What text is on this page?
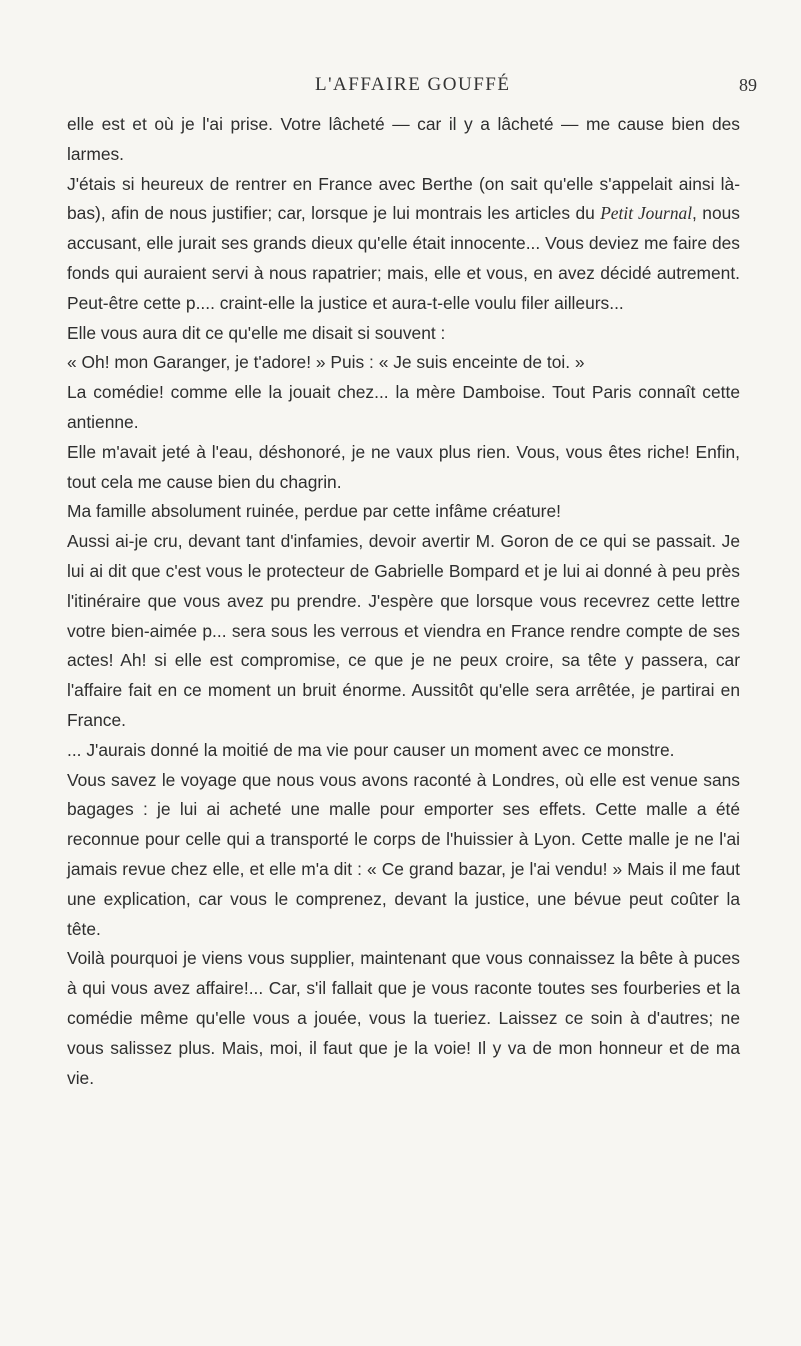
L'AFFAIRE GOUFFÉ	89

elle est et où je l'ai prise. Votre lâcheté — car il y a lâcheté — me cause bien des larmes.

J'étais si heureux de rentrer en France avec Berthe (on sait qu'elle s'appelait ainsi là-bas), afin de nous justifier; car, lorsque je lui montrais les articles du Petit Journal, nous accusant, elle jurait ses grands dieux qu'elle était innocente... Vous deviez me faire des fonds qui auraient servi à nous rapatrier; mais, elle et vous, en avez décidé autrement. Peut-être cette p.... craint-elle la justice et aura-t-elle voulu filer ailleurs...

Elle vous aura dit ce qu'elle me disait si souvent :

« Oh! mon Garanger, je t'adore! » Puis : « Je suis enceinte de toi. »

La comédie! comme elle la jouait chez... la mère Damboise. Tout Paris connaît cette antienne.

Elle m'avait jeté à l'eau, déshonoré, je ne vaux plus rien. Vous, vous êtes riche! Enfin, tout cela me cause bien du chagrin.

Ma famille absolument ruinée, perdue par cette infâme créature!

Aussi ai-je cru, devant tant d'infamies, devoir avertir M. Goron de ce qui se passait. Je lui ai dit que c'est vous le protecteur de Gabrielle Bompard et je lui ai donné à peu près l'itinéraire que vous avez pu prendre. J'espère que lorsque vous recevrez cette lettre votre bien-aimée p... sera sous les verrous et viendra en France rendre compte de ses actes! Ah! si elle est compromise, ce que je ne peux croire, sa tête y passera, car l'affaire fait en ce moment un bruit énorme. Aussitôt qu'elle sera arrêtée, je partirai en France.

... J'aurais donné la moitié de ma vie pour causer un moment avec ce monstre.

Vous savez le voyage que nous vous avons raconté à Londres, où elle est venue sans bagages : je lui ai acheté une malle pour emporter ses effets. Cette malle a été reconnue pour celle qui a transporté le corps de l'huissier à Lyon. Cette malle je ne l'ai jamais revue chez elle, et elle m'a dit : « Ce grand bazar, je l'ai vendu! » Mais il me faut une explication, car vous le comprenez, devant la justice, une bévue peut coûter la tête.

Voilà pourquoi je viens vous supplier, maintenant que vous connaissez la bête à puces à qui vous avez affaire!... Car, s'il fallait que je vous raconte toutes ses fourberies et la comédie même qu'elle vous a jouée, vous la tueriez. Laissez ce soin à d'autres; ne vous salissez plus. Mais, moi, il faut que je la voie! Il y va de mon honneur et de ma vie.
